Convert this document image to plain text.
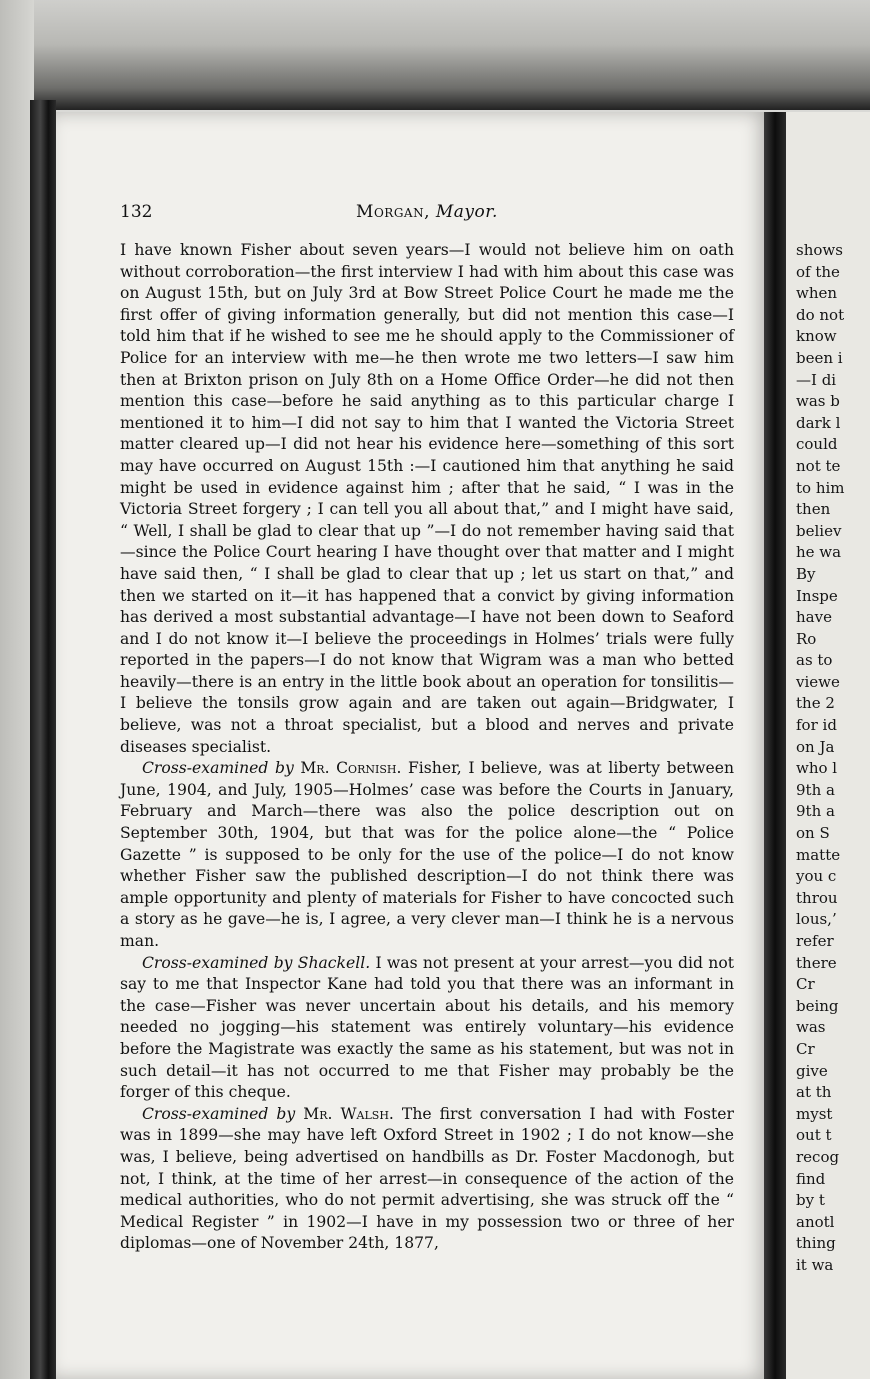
132	Morgan, Mayor.

I have known Fisher about seven years—I would not believe him on oath without corroboration—the first interview I had with him about this case was on August 15th, but on July 3rd at Bow Street Police Court he made me the first offer of giving information generally, but did not mention this case—I told him that if he wished to see me he should apply to the Commissioner of Police for an interview with me—he then wrote me two letters—I saw him then at Brixton prison on July 8th on a Home Office Order—he did not then mention this case—before he said anything as to this particular charge I mentioned it to him—I did not say to him that I wanted the Victoria Street matter cleared up—I did not hear his evidence here—something of this sort may have occurred on August 15th :—I cautioned him that anything he said might be used in evidence against him ; after that he said, “ I was in the Victoria Street forgery ; I can tell you all about that,” and I might have said, “ Well, I shall be glad to clear that up ”—I do not remember having said that—since the Police Court hearing I have thought over that matter and I might have said then, “ I shall be glad to clear that up ; let us start on that,” and then we started on it—it has happened that a convict by giving information has derived a most substantial advantage—I have not been down to Seaford and I do not know it—I believe the proceedings in Holmes’ trials were fully reported in the papers—I do not know that Wigram was a man who betted heavily—there is an entry in the little book about an operation for tonsilitis—I believe the tonsils grow again and are taken out again—Bridgwater, I believe, was not a throat specialist, but a blood and nerves and private diseases specialist.

Cross-examined by Mr. Cornish. Fisher, I believe, was at liberty between June, 1904, and July, 1905—Holmes’ case was before the Courts in January, February and March—there was also the police description out on September 30th, 1904, but that was for the police alone—the “ Police Gazette ” is supposed to be only for the use of the police—I do not know whether Fisher saw the published description—I do not think there was ample opportunity and plenty of materials for Fisher to have concocted such a story as he gave—he is, I agree, a very clever man—I think he is a nervous man.

Cross-examined by Shackell. I was not present at your arrest—you did not say to me that Inspector Kane had told you that there was an informant in the case—Fisher was never uncertain about his details, and his memory needed no jogging—his statement was entirely voluntary—his evidence before the Magistrate was exactly the same as his statement, but was not in such detail—it has not occurred to me that Fisher may probably be the forger of this cheque.

Cross-examined by Mr. Walsh. The first conversation I had with Foster was in 1899—she may have left Oxford Street in 1902 ; I do not know—she was, I believe, being advertised on handbills as Dr. Foster Macdonogh, but not, I think, at the time of her arrest—in consequence of the action of the medical authorities, who do not permit advertising, she was struck off the “ Medical Register ” in 1902—I have in my possession two or three of her diplomas—one of November 24th, 1877,

shows
of the
when
do not
know
been i
—I di
was b
dark l
could
not te
to him
then
believ
he wa
By
Inspe
have
Ro
as to
viewe
the 2
for id
on Ja
who l
9th a
9th a
on S
matte
you c
throu
lous,’
refer
there
Cr
being
was
Cr
give
at th
myst
out t
recog
find
by t
anotl
thing
it wa
